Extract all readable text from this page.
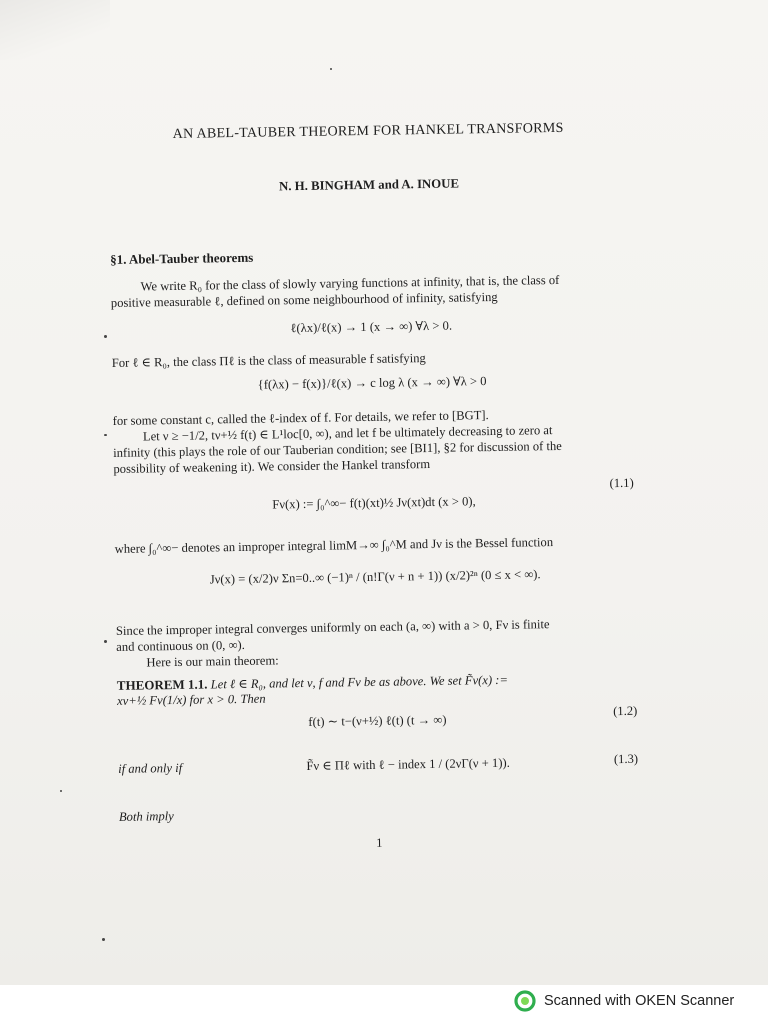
AN ABEL-TAUBER THEOREM FOR HANKEL TRANSFORMS
N. H. BINGHAM and A. INOUE
§1. Abel-Tauber theorems

We write R₀ for the class of slowly varying functions at infinity, that is, the class of

positive measurable ℓ, defined on some neighbourhood of infinity, satisfying

ℓ(λx)/ℓ(x) → 1 (x → ∞) ∀λ > 0.

For ℓ ∈ R₀, the class Πℓ is the class of measurable f satisfying

{f(λx) − f(x)}/ℓ(x) → c log λ (x → ∞) ∀λ > 0

for some constant c, called the ℓ-index of f. For details, we refer to [BGT].

Let ν ≥ −1/2, tν+½ f(t) ∈ L¹loc[0, ∞), and let f be ultimately decreasing to zero at

infinity (this plays the role of our Tauberian condition; see [BI1], §2 for discussion of the

possibility of weakening it). We consider the Hankel transform

Fν(x) := ∫₀^∞− f(t)(xt)½ Jν(xt)dt (x > 0),

(1.1)

where ∫₀^∞− denotes an improper integral limM→∞ ∫₀^M and Jν is the Bessel function

Jν(x) = (x/2)ν Σn=0..∞ (−1)ⁿ / (n!Γ(ν + n + 1)) (x/2)²ⁿ (0 ≤ x < ∞).

Since the improper integral converges uniformly on each (a, ∞) with a > 0, Fν is finite

and continuous on (0, ∞).

Here is our main theorem:

THEOREM 1.1. Let ℓ ∈ R₀, and let ν, f and Fν be as above. We set F̃ν(x) :=

xν+½ Fν(1/x) for x > 0. Then

f(t) ∼ t−(ν+½) ℓ(t) (t → ∞)

(1.2)

if and only if	F̃ν ∈ Πℓ with ℓ − index 1 / (2νΓ(ν + 1)).	(1.3)

Both imply

1

Scanned with OKEN Scanner
